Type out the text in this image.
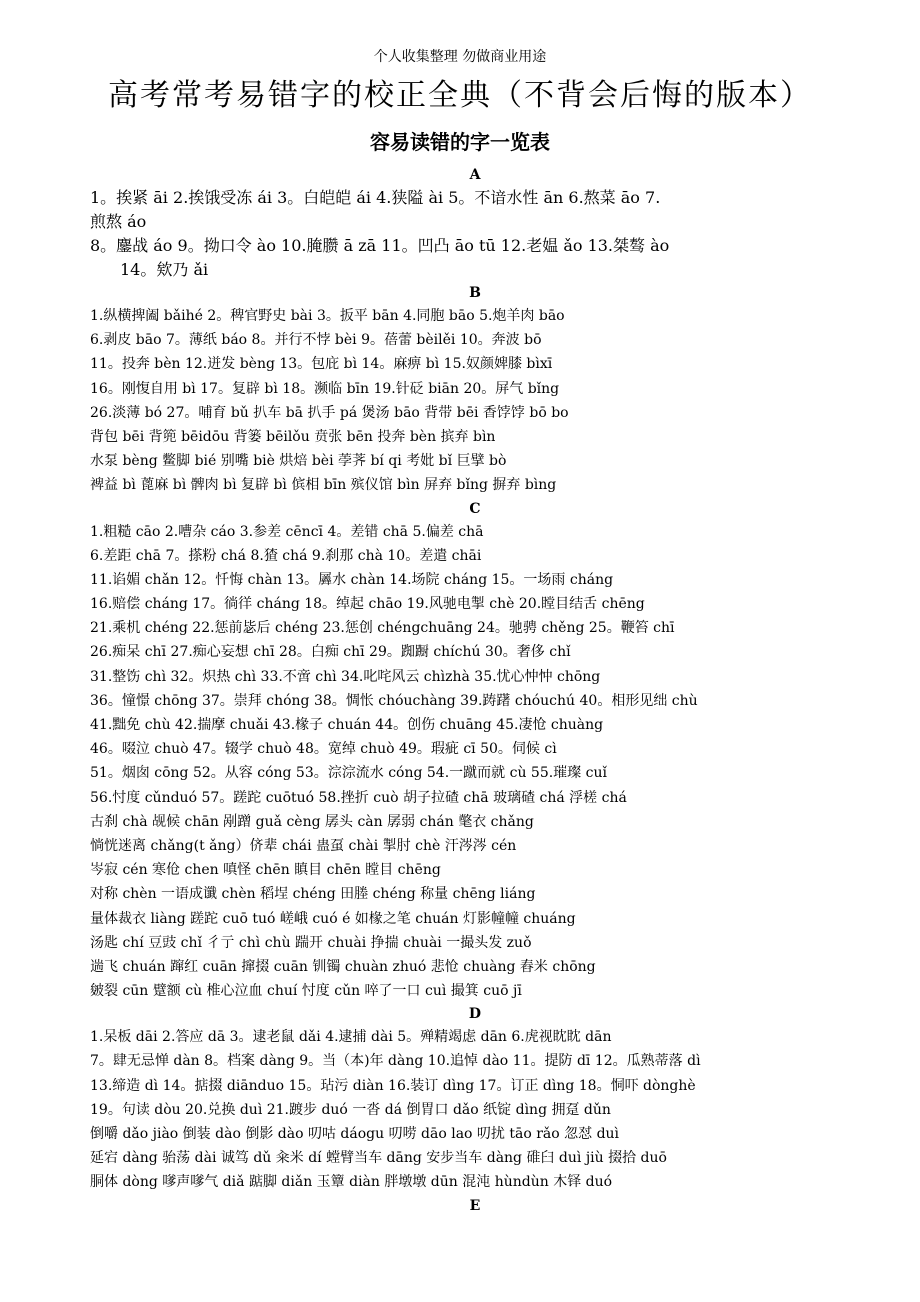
个人收集整理 勿做商业用途
高考常考易错字的校正全典（不背会后悔的版本）
容易读错的字一览表
A
1。挨紧 āi 2.挨饿受冻 ái 3。白皑皑 ái 4.狭隘 ài 5。不谙水性 ān 6.熬菜 āo 7.
煎熬 áo
8。鏖战 áo 9。拗口令 ào 10.腌臜 ā zā 11。凹凸 āo tū 12.老媪 ǎo 13.桀骜 ào
14。欸乃 ǎi
B
1.纵横捭阖 bǎihé 2。稗官野史 bài 3。扳平 bān 4.同胞 bāo 5.炮羊肉 bāo
6.剥皮 bāo 7。薄纸 báo 8。并行不悖 bèi 9。蓓蕾 bèilěi 10。奔波 bō
11。投奔 bèn 12.迸发 bèng 13。包庇 bì 14。麻痹 bì 15.奴颜婢膝 bìxī
16。刚愎自用 bì 17。复辟 bì 18。濒临 bīn 19.针砭 biān 20。屏气 bǐng
26.淡薄 bó 27。哺育 bǔ 扒车 bā 扒手 pá 煲汤 bāo 背带 bēi 香饽饽 bō bo
背包 bēi 背篼 bēidōu 背篓 bēilǒu 贲张 bēn 投奔 bèn 摈弃 bìn
水泵 bèng 鳖脚 bié 别嘴 biè 烘焙 bèi 荸荠 bí qi 考妣 bǐ 巨擘 bò
裨益 bì 蓖麻 bì 髀肉 bì 复辟 bì 傧相 bīn 殡仪馆 bìn 屏弃 bǐng 摒弃 bìng
C
1.粗糙 cāo 2.嘈杂 cáo 3.参差 cēncī 4。差错 chā 5.偏差 chā
6.差距 chā 7。搽粉 chá 8.猹 chá 9.刹那 chà 10。差遣 chāi
11.谄媚 chǎn 12。忏悔 chàn 13。羼水 chàn 14.场院 cháng 15。一场雨 cháng
16.赔偿 cháng 17。徜徉 cháng 18。绰起 chāo 19.风驰电掣 chè 20.瞠目结舌 chēng
21.乘机 chéng 22.惩前毖后 chéng 23.惩创 chéngchuāng 24。驰骋 chěng 25。鞭笞 chī
26.痴呆 chī 27.痴心妄想 chī 28。白痴 chī 29。踟蹰 chíchú 30。奢侈 chǐ
31.整饬 chì 32。炽热 chì 33.不啻 chì 34.叱咤风云 chìzhà 35.忧心忡忡 chōng
36。憧憬 chōng 37。崇拜 chóng 38。惆怅 chóuchàng 39.踌躇 chóuchú 40。相形见绌 chù
41.黜免 chù 42.揣摩 chuǎi 43.椽子 chuán 44。创伤 chuāng 45.凄怆 chuàng
46。啜泣 chuò 47。辍学 chuò 48。宽绰 chuò 49。瑕疵 cī 50。伺候 cì
51。烟囱 cōng 52。从容 cóng 53。淙淙流水 cóng 54.一蹴而就 cù 55.璀璨 cuǐ
56.忖度 cǔnduó 57。蹉跎 cuōtuó 58.挫折 cuò 胡子拉碴 chā 玻璃碴 chá 浮槎 chá
古刹 chà 觇候 chān 剐蹭 guǎ cèng 孱头 càn 孱弱 chán 氅衣 chǎng
惝恍迷离 chǎng(t ǎng）侪辈 chái 蛊虿 chài 掣肘 chè 汗涔涔 cén
岑寂 cén 寒伧 chen 嗔怪 chēn 瞋目 chēn 瞠目 chēng
对称 chèn 一语成谶 chèn 稻埕 chéng 田塍 chéng 称量 chēng liáng
量体裁衣 liàng 蹉跎 cuō tuó 嵯峨 cuó é 如椽之笔 chuán 灯影幢幢 chuáng
汤匙 chí 豆豉 chǐ 彳亍 chì chù 踹开 chuài 挣揣 chuài 一撮头发 zuǒ
遄飞 chuán 蹿红 cuān 撺掇 cuān 钏镯 chuàn zhuó 悲怆 chuàng 舂米 chōng
皴裂 cūn 躄额 cù 椎心泣血 chuí 忖度 cǔn 啐了一口 cuì 撮箕 cuō jī
D
1.呆板 dāi 2.答应 dā 3。逮老鼠 dǎi 4.逮捕 dài 5。殚精竭虑 dān 6.虎视眈眈 dān
7。肆无忌惮 dàn 8。档案 dàng 9。当（本)年 dàng 10.追悼 dào 11。提防 dī 12。瓜熟蒂落 dì
13.缔造 dì 14。掂掇 diānduo 15。玷污 diàn 16.装订 dìng 17。订正 dìng 18。恫吓 dònghè
19。句读 dòu 20.兑换 duì 21.踱步 duó 一沓 dá 倒胃口 dǎo 纸锭 dìng 拥趸 dǔn
倒嚼 dǎo jiào 倒装 dào 倒影 dào 叨咕 dáogu 叨唠 dāo lao 叨扰 tāo rǎo 忽怼 duì
延宕 dàng 骀荡 dài 诚笃 dǔ 籴米 dí 螳臂当车 dāng 安步当车 dàng 碓臼 duì jiù 掇拾 duō
胴体 dòng 嗲声嗲气 diǎ 踮脚 diǎn 玉簟 diàn 胖墩墩 dūn 混沌 hùndùn 木铎 duó
E
